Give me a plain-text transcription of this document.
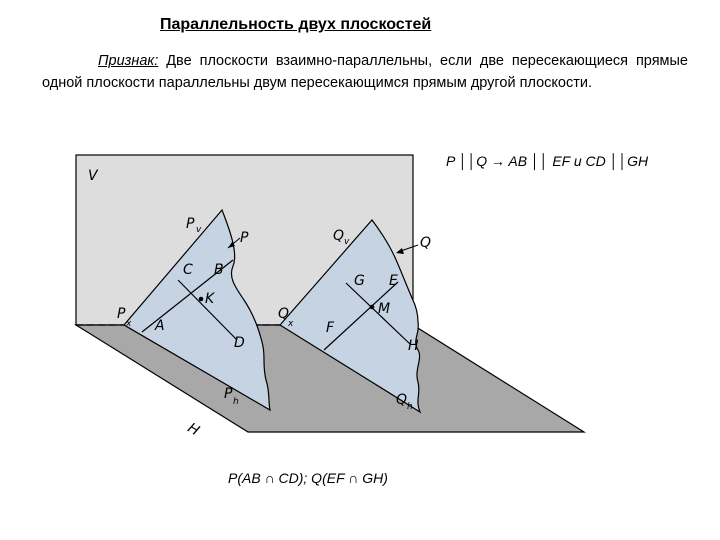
Параллельность двух плоскостей
Признак: Две плоскости взаимно-параллельны, если две пересекающиеся прямые одной плоскости параллельны двум пересекающимся прямым другой плоскости.
P ││Q → AB ││ EF и CD ││GH
P(AB ∩ CD); Q(EF ∩ GH)
V
H
P	Q
P v
P
x
P h
Q v
Q
x
Q h
C B
K
A
D
G E
M
F
H
